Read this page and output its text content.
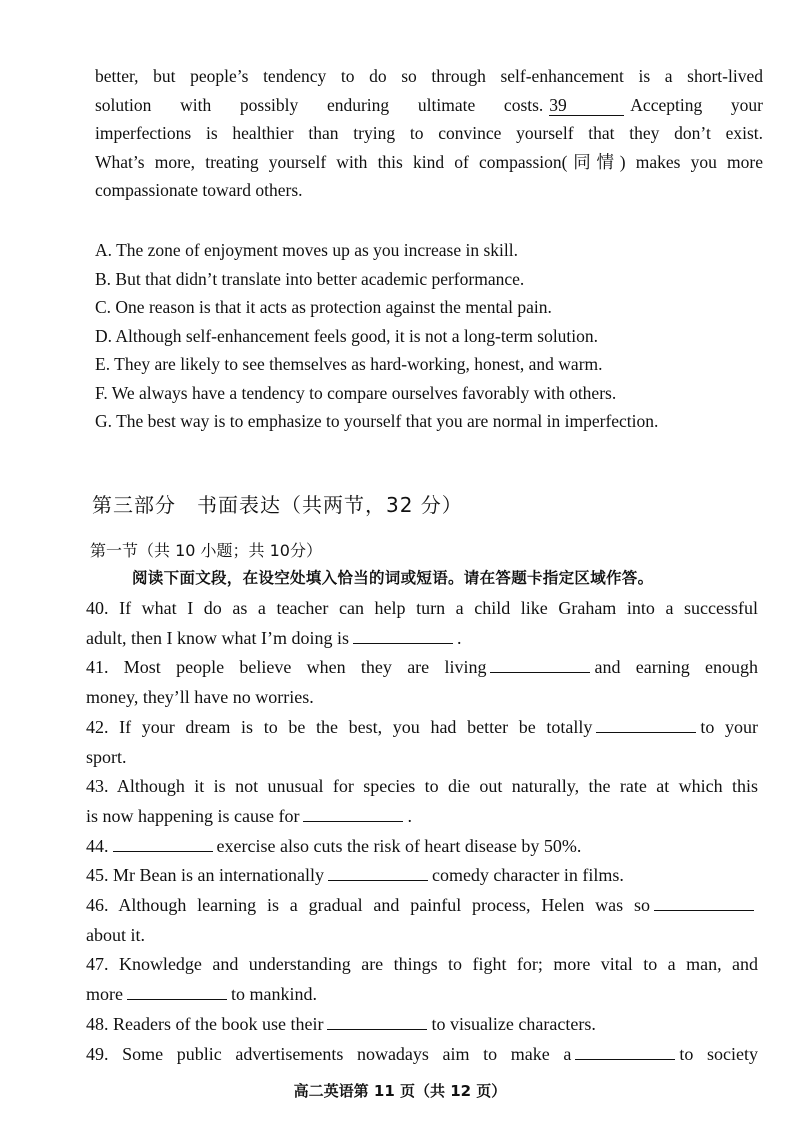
better, but people’s tendency to do so through self-enhancement is a short-lived
solution with possibly enduring ultimate costs. 39	Accepting your
imperfections is healthier than trying to convince yourself that they don’t exist.
What’s more, treating yourself with this kind of compassion(同情) makes you more
compassionate toward others.
A. The zone of enjoyment moves up as you increase in skill.
B. But that didn’t translate into better academic performance.
C. One reason is that it acts as protection against the mental pain.
D. Although self-enhancement feels good, it is not a long-term solution.
E. They are likely to see themselves as hard-working, honest, and warm.
F. We always have a tendency to compare ourselves favorably with others.
G. The best way is to emphasize to yourself that you are normal in imperfection.
第三部分　书面表达（共两节，32 分）
第一节（共 10 小题；共 10分）
阅读下面文段，在设空处填入恰当的词或短语。请在答题卡指定区域作答。
40. If what I do as a teacher can help turn a child like Graham into a successful
adult, then I know what I’m doing is	.
41. Most people believe when they are living	and earning enough
money, they’ll have no worries.
42. If your dream is to be the best, you had better be totally	to your
sport.
43. Although it is not unusual for species to die out naturally, the rate at which this
is now happening is cause for	.
44.	exercise also cuts the risk of heart disease by 50%.
45. Mr Bean is an internationally	comedy character in films.
46. Although learning is a gradual and painful process, Helen was so
about it.
47. Knowledge and understanding are things to fight for; more vital to a man, and
more	to mankind.
48. Readers of the book use their	to visualize characters.
49. Some public advertisements nowadays aim to make a	to society
高二英语第 11 页（共 12 页）
